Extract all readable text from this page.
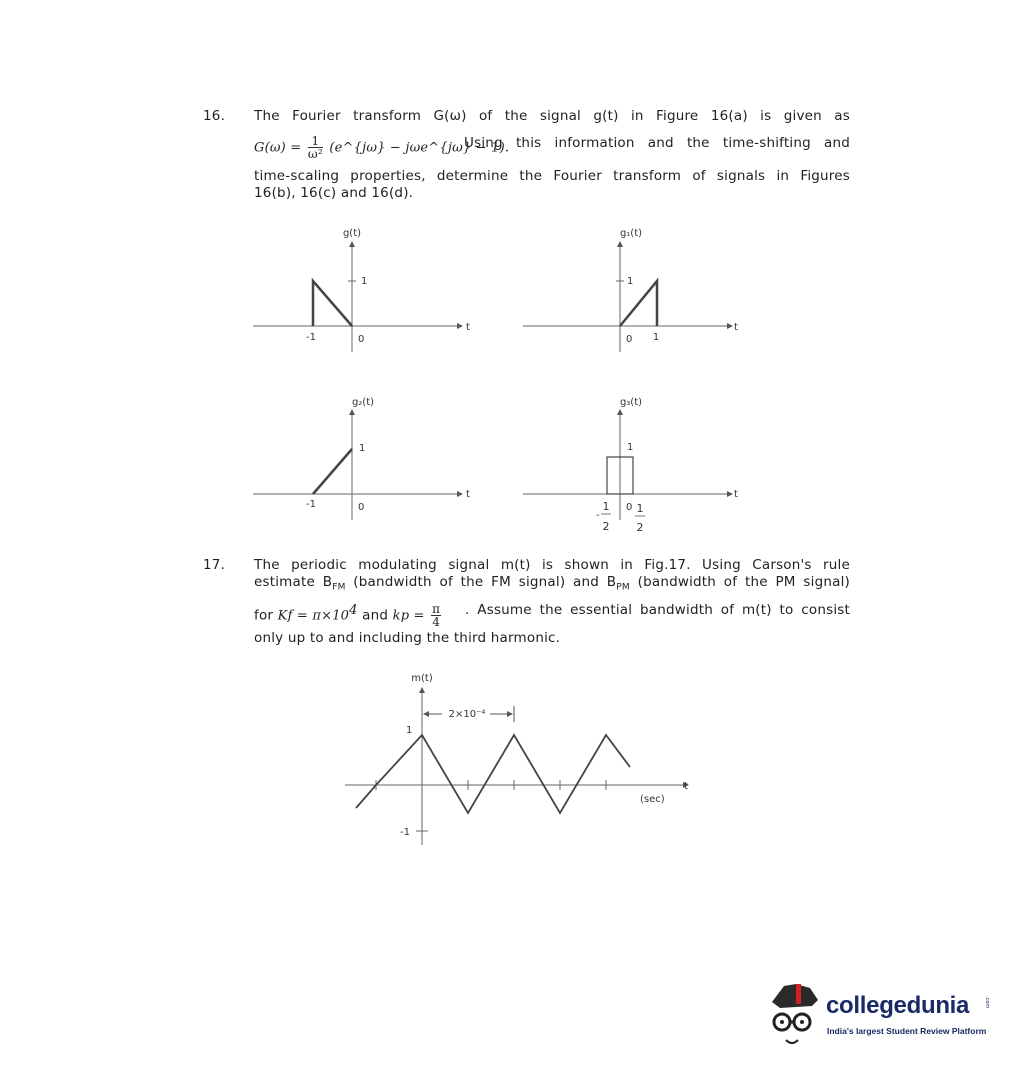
16. The Fourier transform G(ω) of the signal g(t) in Figure 16(a) is given as
$G(\omega) = \frac{1}{\text{ω²}}$ (e^{jω} − jωe^{jω} − 1).
Using this information and the time-shifting and
time-scaling properties, determine the Fourier transform of signals in Figures
16(b), 16(c) and 16(d).
g(t)
1
-1	0
t
g₁(t)
1
0 1
t
g₂(t)
1
-1	0
t
g₃(t)
1
-
1
2
0 1
2
t
17. The periodic modulating signal m(t) is shown in Fig.17. Using Carson's rule
estimate $B_{FM}$ (bandwidth of the FM signal) and $B_{PM}$ (bandwidth of the PM signal)
for $Kf = \pi\times 10^4$ and kp = $\frac{\pi}{4}$ . Assume the essential bandwidth of m(t) to consist
only up to and including the third harmonic.
m(t)
2×10⁻⁴
1
-1
t
(sec)
collegedunia	.com
India's largest Student Review Platform
